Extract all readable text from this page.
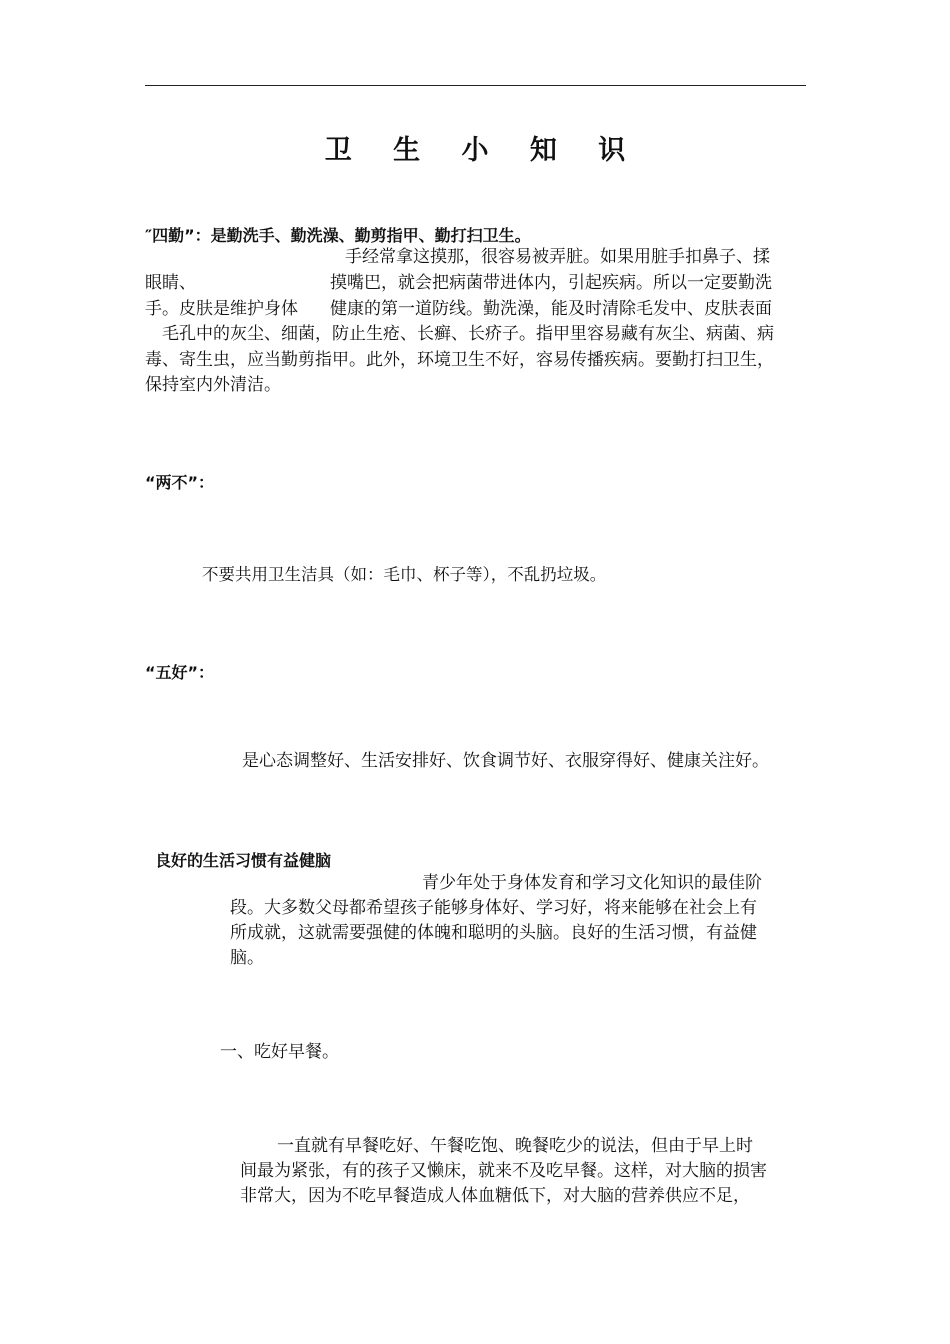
卫 生 小 知 识
″四勤”：是勤洗手、勤洗澡、勤剪指甲、勤打扫卫生。
手经常拿这摸那，很容易被弄脏。如果用脏手扣鼻子、揉
眼睛、	摸嘴巴，就会把病菌带进体内，引起疾病。所以一定要勤洗
手。皮肤是维护身体 健康的第一道防线。勤洗澡，能及时清除毛发中、皮肤表面
毛孔中的灰尘、细菌，防止生疮、长癣、长疥子。指甲里容易藏有灰尘、病菌、病
毒、寄生虫，应当勤剪指甲。此外，环境卫生不好，容易传播疾病。要勤打扫卫生，
保持室内外清洁。
“两不”：
不要共用卫生洁具（如：毛巾、杯子等），不乱扔垃圾。
“五好”：
是心态调整好、生活安排好、饮食调节好、衣服穿得好、健康关注好。
良好的生活习惯有益健脑
青少年处于身体发育和学习文化知识的最佳阶
段。大多数父母都希望孩子能够身体好、学习好，将来能够在社会上有
所成就，这就需要强健的体魄和聪明的头脑。良好的生活习惯，有益健
脑。
一、吃好早餐。
一直就有早餐吃好、午餐吃饱、晚餐吃少的说法，但由于早上时
间最为紧张，有的孩子又懒床，就来不及吃早餐。这样，对大脑的损害
非常大，因为不吃早餐造成人体血糖低下，对大脑的营养供应不足，
